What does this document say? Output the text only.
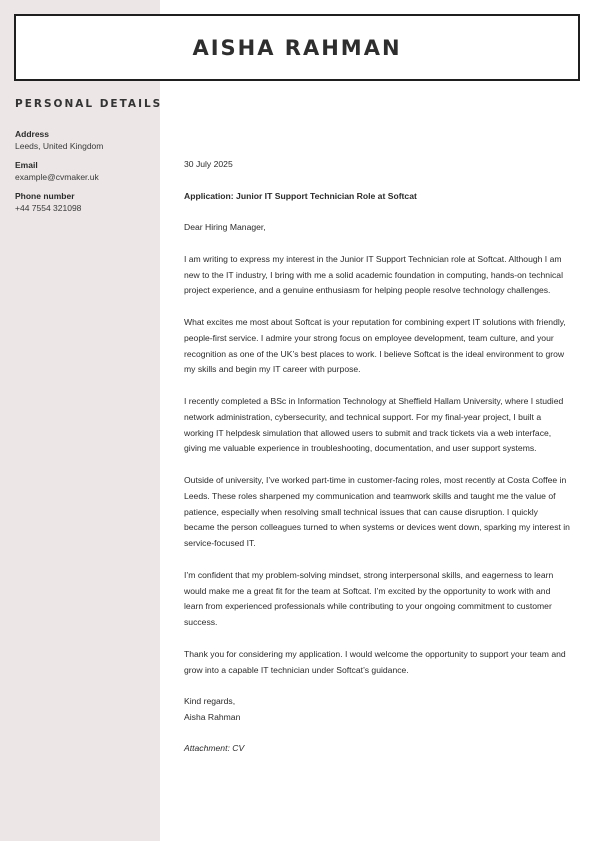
AISHA RAHMAN
PERSONAL DETAILS
Address
Leeds, United Kingdom
Email
example@cvmaker.uk
Phone number
+44 7554 321098

30 July 2025

Application: Junior IT Support Technician Role at Softcat

Dear Hiring Manager,

I am writing to express my interest in the Junior IT Support Technician role at Softcat. Although I am new to the IT industry, I bring with me a solid academic foundation in computing, hands-on technical project experience, and a genuine enthusiasm for helping people resolve technology challenges.

What excites me most about Softcat is your reputation for combining expert IT solutions with friendly, people-first service. I admire your strong focus on employee development, team culture, and your recognition as one of the UK’s best places to work. I believe Softcat is the ideal environment to grow my skills and begin my IT career with purpose.

I recently completed a BSc in Information Technology at Sheffield Hallam University, where I studied network administration, cybersecurity, and technical support. For my final-year project, I built a working IT helpdesk simulation that allowed users to submit and track tickets via a web interface, giving me valuable experience in troubleshooting, documentation, and user support systems.

Outside of university, I’ve worked part-time in customer-facing roles, most recently at Costa Coffee in Leeds. These roles sharpened my communication and teamwork skills and taught me the value of patience, especially when resolving small technical issues that can cause disruption. I quickly became the person colleagues turned to when systems or devices went down, sparking my interest in service-focused IT.

I’m confident that my problem-solving mindset, strong interpersonal skills, and eagerness to learn would make me a great fit for the team at Softcat. I’m excited by the opportunity to work with and learn from experienced professionals while contributing to your ongoing commitment to customer success.

Thank you for considering my application. I would welcome the opportunity to support your team and grow into a capable IT technician under Softcat’s guidance.

Kind regards,
Aisha Rahman

Attachment: CV
